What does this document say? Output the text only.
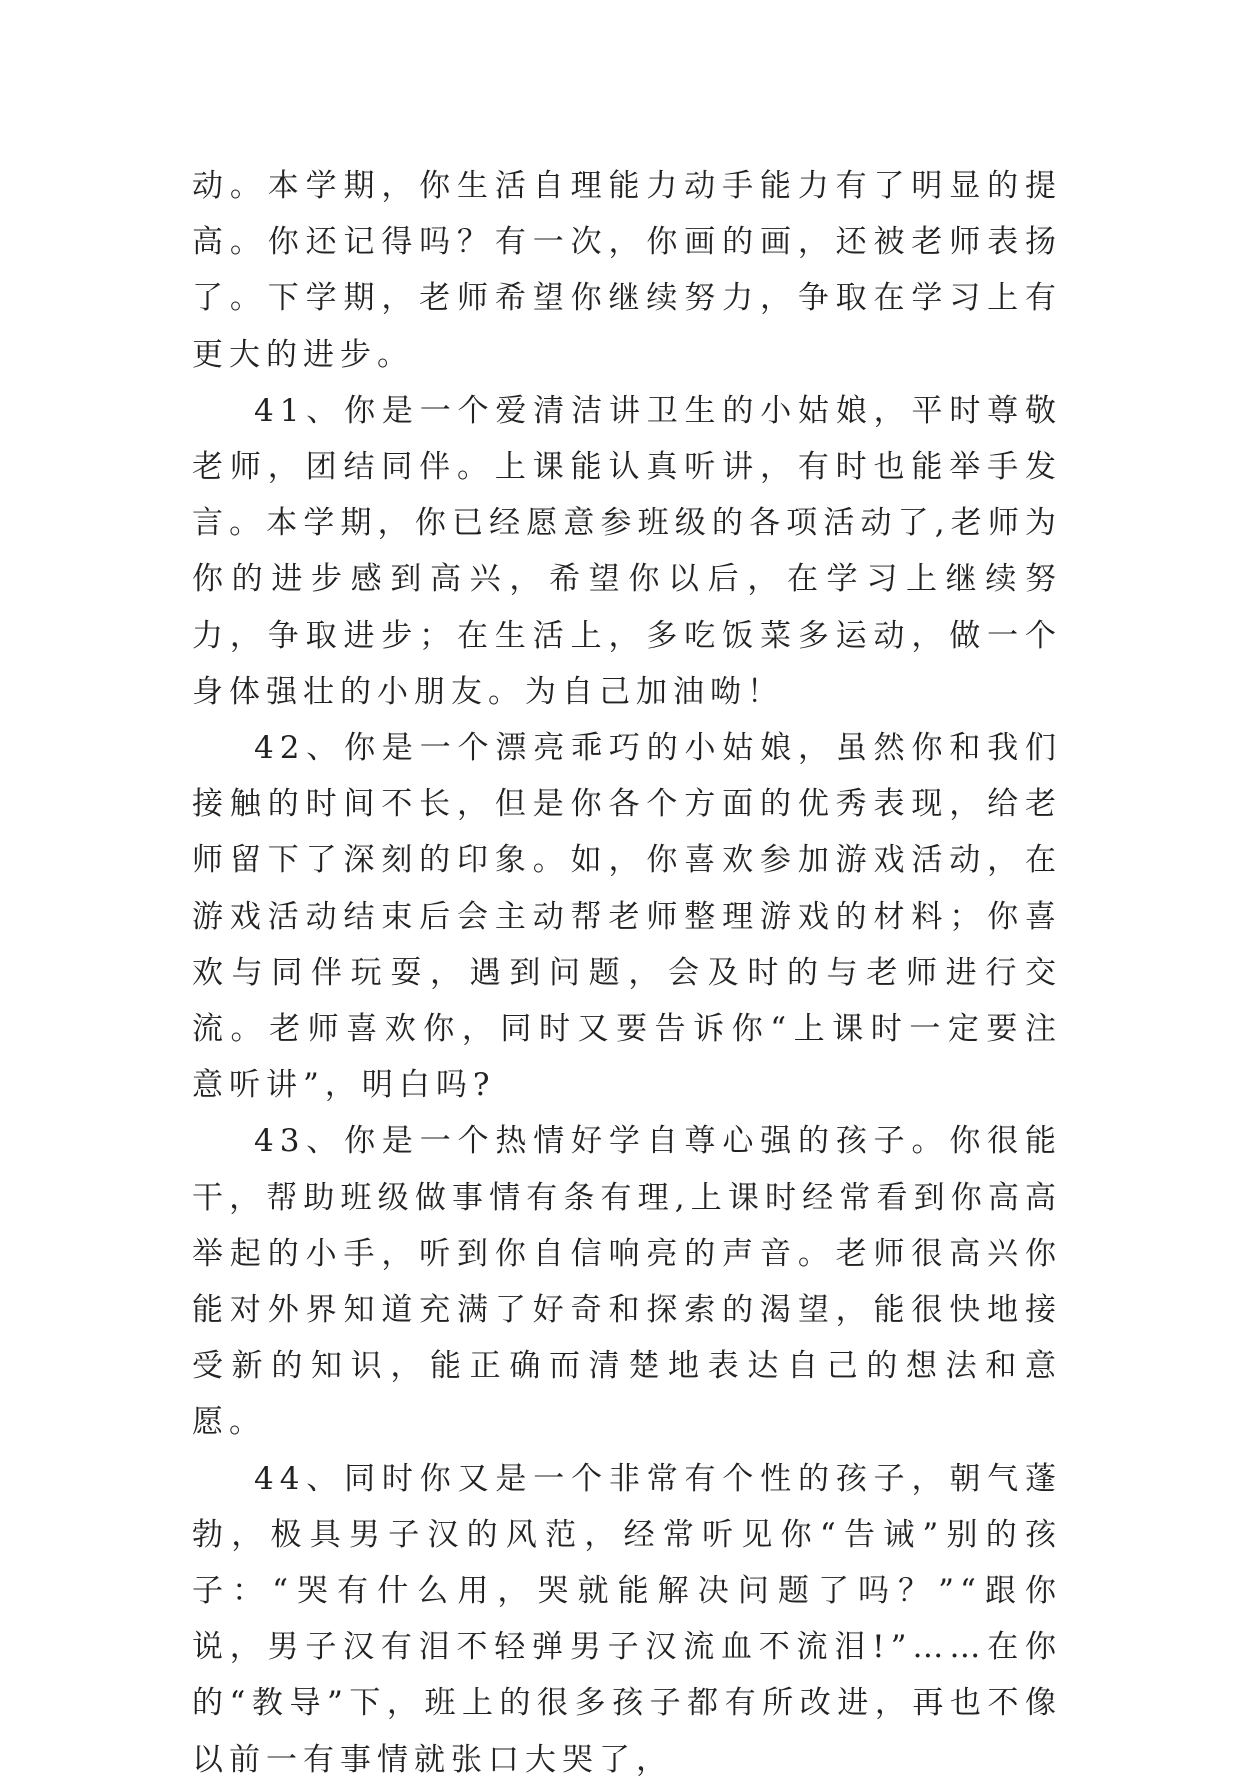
动。本学期，你生活自理能力动手能力有了明显的提高。你还记得吗？有一次，你画的画，还被老师表扬了。下学期，老师希望你继续努力，争取在学习上有更大的进步。

41、你是一个爱清洁讲卫生的小姑娘，平时尊敬老师，团结同伴。上课能认真听讲，有时也能举手发言。本学期，你已经愿意参班级的各项活动了,老师为你的进步感到高兴，希望你以后，在学习上继续努力，争取进步；在生活上，多吃饭菜多运动，做一个身体强壮的小朋友。为自己加油呦！

42、你是一个漂亮乖巧的小姑娘，虽然你和我们接触的时间不长，但是你各个方面的优秀表现，给老师留下了深刻的印象。如，你喜欢参加游戏活动，在游戏活动结束后会主动帮老师整理游戏的材料；你喜欢与同伴玩耍，遇到问题，会及时的与老师进行交流。老师喜欢你，同时又要告诉你“上课时一定要注意听讲”，明白吗?

43、你是一个热情好学自尊心强的孩子。你很能干，帮助班级做事情有条有理,上课时经常看到你高高举起的小手，听到你自信响亮的声音。老师很高兴你能对外界知道充满了好奇和探索的渴望，能很快地接受新的知识，能正确而清楚地表达自己的想法和意愿。

44、同时你又是一个非常有个性的孩子，朝气蓬勃，极具男子汉的风范，经常听见你“告诫”别的孩子：“哭有什么用，哭就能解决问题了吗？”“跟你说，男子汉有泪不轻弹男子汉流血不流泪!”……在你的“教导”下，班上的很多孩子都有所改进，再也不像以前一有事情就张口大哭了，
